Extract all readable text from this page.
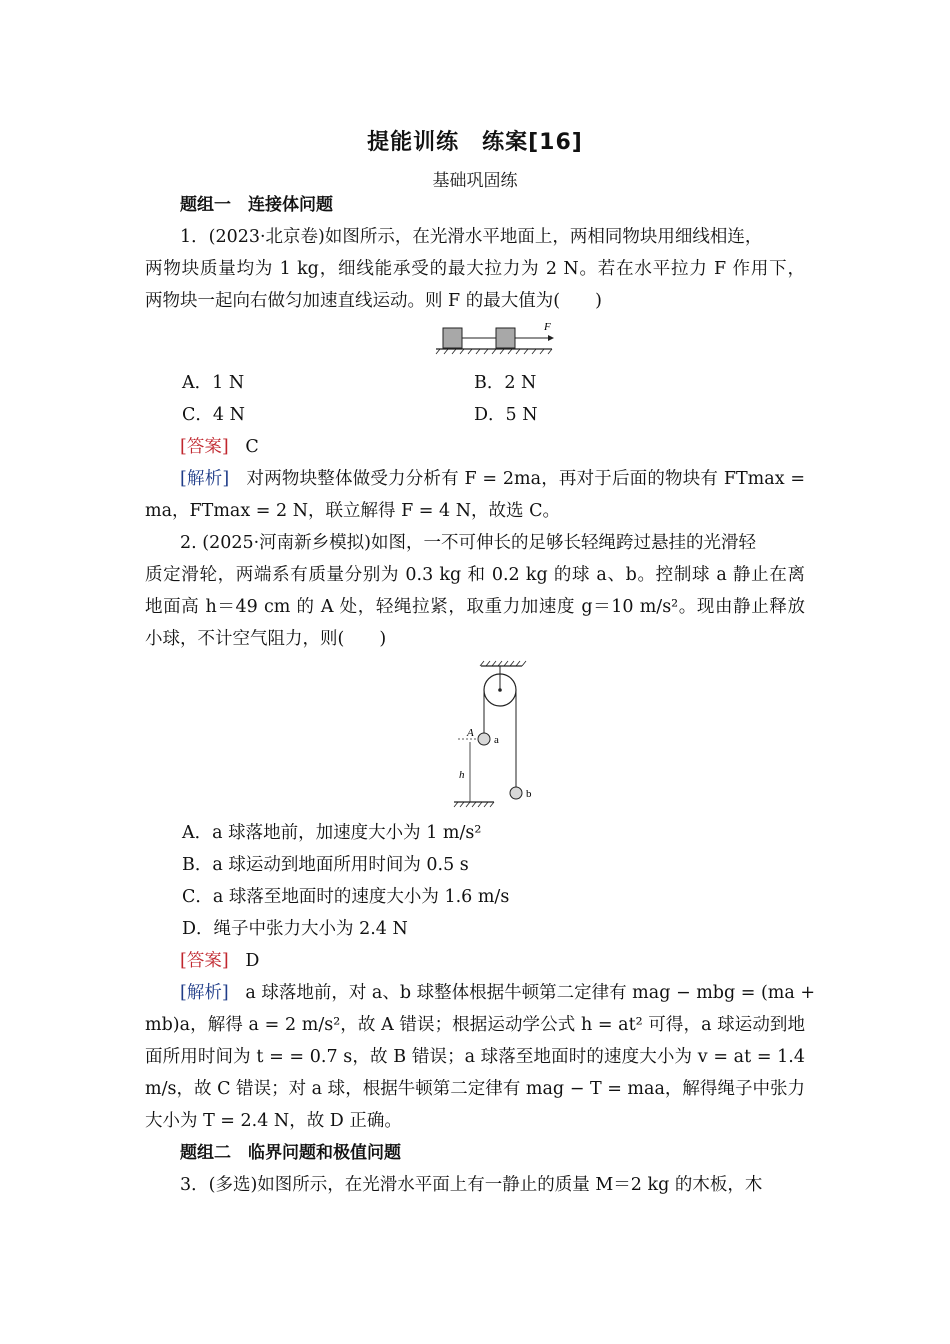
提能训练　练案[16]
基础巩固练
题组一　连接体问题
1．(2023·北京卷)如图所示，在光滑水平地面上，两相同物块用细线相连，
两物块质量均为 1 kg，细线能承受的最大拉力为 2 N。若在水平拉力 F 作用下，
两物块一起向右做匀加速直线运动。则 F 的最大值为(　　)
F
A．1 N	B．2 N
C．4 N	D．5 N
[答案] C
[解析] 对两物块整体做受力分析有 F = 2ma，再对于后面的物块有 FTmax =
ma，FTmax = 2 N，联立解得 F = 4 N，故选 C。
2. (2025·河南新乡模拟)如图，一不可伸长的足够长轻绳跨过悬挂的光滑轻
质定滑轮，两端系有质量分别为 0.3 kg 和 0.2 kg 的球 a、b。控制球 a 静止在离
地面高 h＝49 cm 的 A 处，轻绳拉紧，取重力加速度 g＝10 m/s²。现由静止释放
小球，不计空气阻力，则(　　)
a
A
h
b
A．a 球落地前，加速度大小为 1 m/s²
B．a 球运动到地面所用时间为 0.5 s
C．a 球落至地面时的速度大小为 1.6 m/s
D．绳子中张力大小为 2.4 N
[答案] D
[解析] a 球落地前，对 a、b 球整体根据牛顿第二定律有 mag − mbg = (ma +
mb)a，解得 a = 2 m/s²，故 A 错误；根据运动学公式 h = at² 可得，a 球运动到地
面所用时间为 t = = 0.7 s，故 B 错误；a 球落至地面时的速度大小为 v = at = 1.4
m/s，故 C 错误；对 a 球，根据牛顿第二定律有 mag − T = maa，解得绳子中张力
大小为 T = 2.4 N，故 D 正确。
题组二　临界问题和极值问题
3．(多选)如图所示，在光滑水平面上有一静止的质量 M＝2 kg 的木板，木
